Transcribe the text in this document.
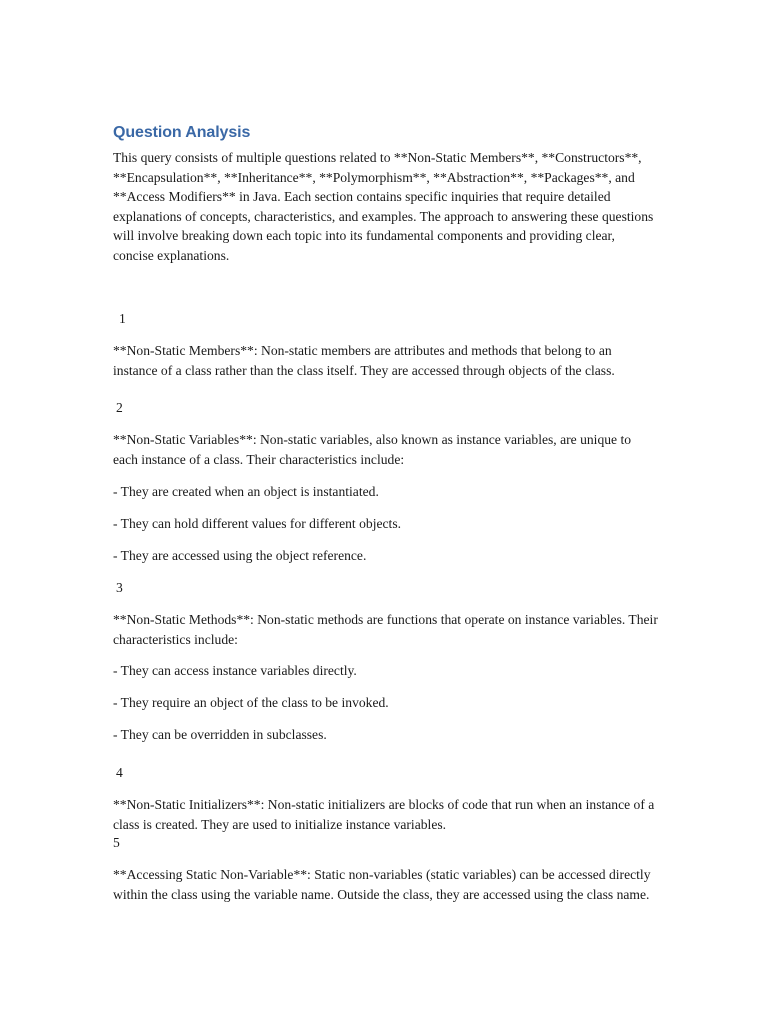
Question Analysis
This query consists of multiple questions related to **Non-Static Members**, **Constructors**, **Encapsulation**, **Inheritance**, **Polymorphism**, **Abstraction**, **Packages**, and **Access Modifiers** in Java. Each section contains specific inquiries that require detailed explanations of concepts, characteristics, and examples. The approach to answering these questions will involve breaking down each topic into its fundamental components and providing clear, concise explanations.
1
**Non-Static Members**: Non-static members are attributes and methods that belong to an instance of a class rather than the class itself. They are accessed through objects of the class.
2
**Non-Static Variables**: Non-static variables, also known as instance variables, are unique to each instance of a class. Their characteristics include:
- They are created when an object is instantiated.
- They can hold different values for different objects.
- They are accessed using the object reference.
3
**Non-Static Methods**: Non-static methods are functions that operate on instance variables. Their characteristics include:
- They can access instance variables directly.
- They require an object of the class to be invoked.
- They can be overridden in subclasses.
4
**Non-Static Initializers**: Non-static initializers are blocks of code that run when an instance of a class is created. They are used to initialize instance variables.
5
**Accessing Static Non-Variable**: Static non-variables (static variables) can be accessed directly within the class using the variable name. Outside the class, they are accessed using the class name.
